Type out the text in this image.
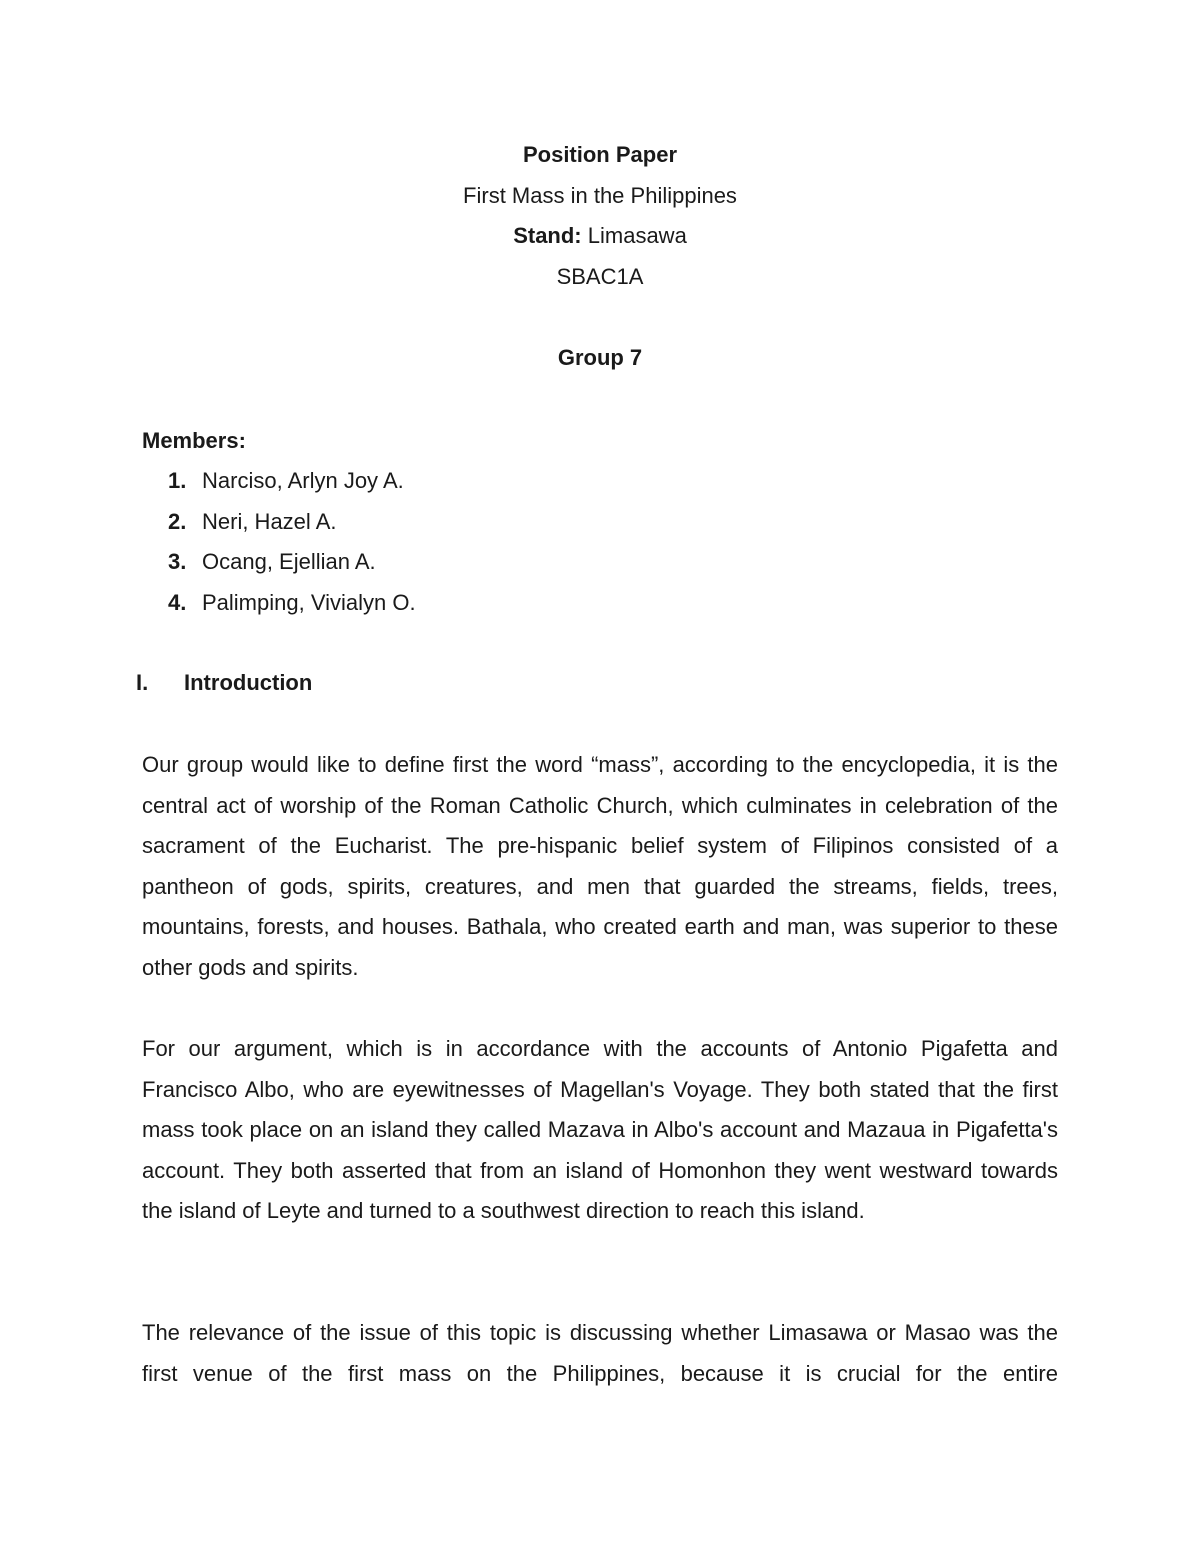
Position Paper
First Mass in the Philippines
Stand: Limasawa
SBAC1A
Group 7
Members:
1. Narciso, Arlyn Joy A.
2. Neri, Hazel A.
3. Ocang, Ejellian A.
4. Palimping, Vivialyn O.
I. Introduction

Our group would like to define first the word “mass”, according to the encyclopedia, it is the central act of worship of the Roman Catholic Church, which culminates in celebration of the sacrament of the Eucharist. The pre-hispanic belief system of Filipinos consisted of a pantheon of gods, spirits, creatures, and men that guarded the streams, fields, trees, mountains, forests, and houses. Bathala, who created earth and man, was superior to these other gods and spirits.

For our argument, which is in accordance with the accounts of Antonio Pigafetta and Francisco Albo, who are eyewitnesses of Magellan's Voyage. They both stated that the first mass took place on an island they called Mazava in Albo's account and Mazaua in Pigafetta's account. They both asserted that from an island of Homonhon they went westward towards the island of Leyte and turned to a southwest direction to reach this island.

The relevance of the issue of this topic is discussing whether Limasawa or Masao was the first venue of the first mass on the Philippines, because it is crucial for the entire
